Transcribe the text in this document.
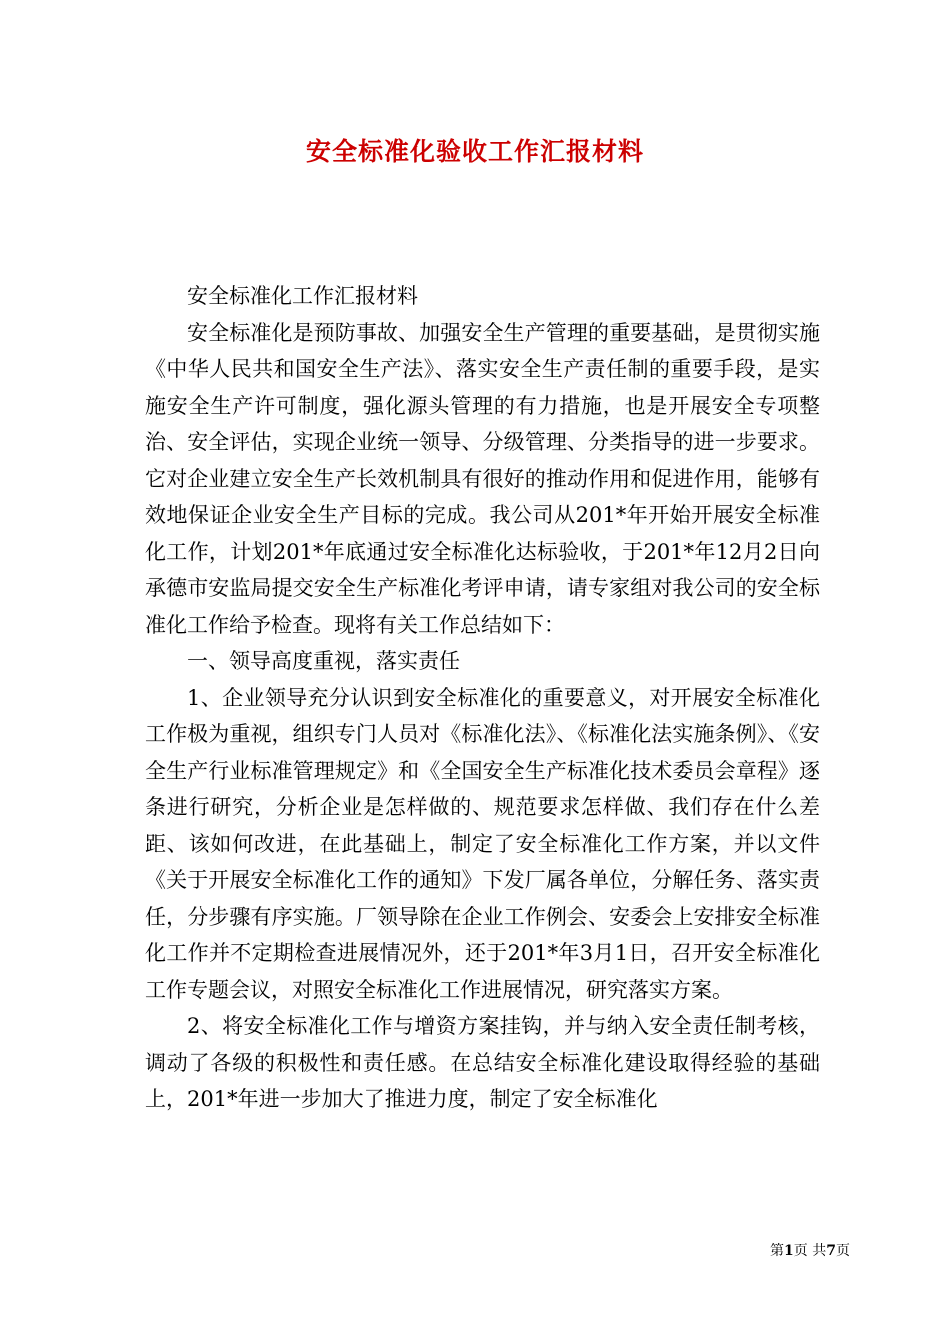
安全标准化验收工作汇报材料

安全标准化工作汇报材料

安全标准化是预防事故、加强安全生产管理的重要基础，是贯彻实施《中华人民共和国安全生产法》、落实安全生产责任制的重要手段，是实施安全生产许可制度，强化源头管理的有力措施，也是开展安全专项整治、安全评估，实现企业统一领导、分级管理、分类指导的进一步要求。它对企业建立安全生产长效机制具有很好的推动作用和促进作用，能够有效地保证企业安全生产目标的完成。我公司从201*年开始开展安全标准化工作，计划201*年底通过安全标准化达标验收，于201*年12月2日向承德市安监局提交安全生产标准化考评申请，请专家组对我公司的安全标准化工作给予检查。现将有关工作总结如下：

一、领导高度重视，落实责任

1、企业领导充分认识到安全标准化的重要意义，对开展安全标准化工作极为重视，组织专门人员对《标准化法》、《标准化法实施条例》、《安全生产行业标准管理规定》和《全国安全生产标准化技术委员会章程》逐条进行研究，分析企业是怎样做的、规范要求怎样做、我们存在什么差距、该如何改进，在此基础上，制定了安全标准化工作方案，并以文件《关于开展安全标准化工作的通知》下发厂属各单位，分解任务、落实责任，分步骤有序实施。厂领导除在企业工作例会、安委会上安排安全标准化工作并不定期检查进展情况外，还于201*年3月1日，召开安全标准化工作专题会议，对照安全标准化工作进展情况，研究落实方案。

2、将安全标准化工作与增资方案挂钩，并与纳入安全责任制考核，调动了各级的积极性和责任感。在总结安全标准化建设取得经验的基础上，201*年进一步加大了推进力度，制定了安全标准化

第1页 共7页
